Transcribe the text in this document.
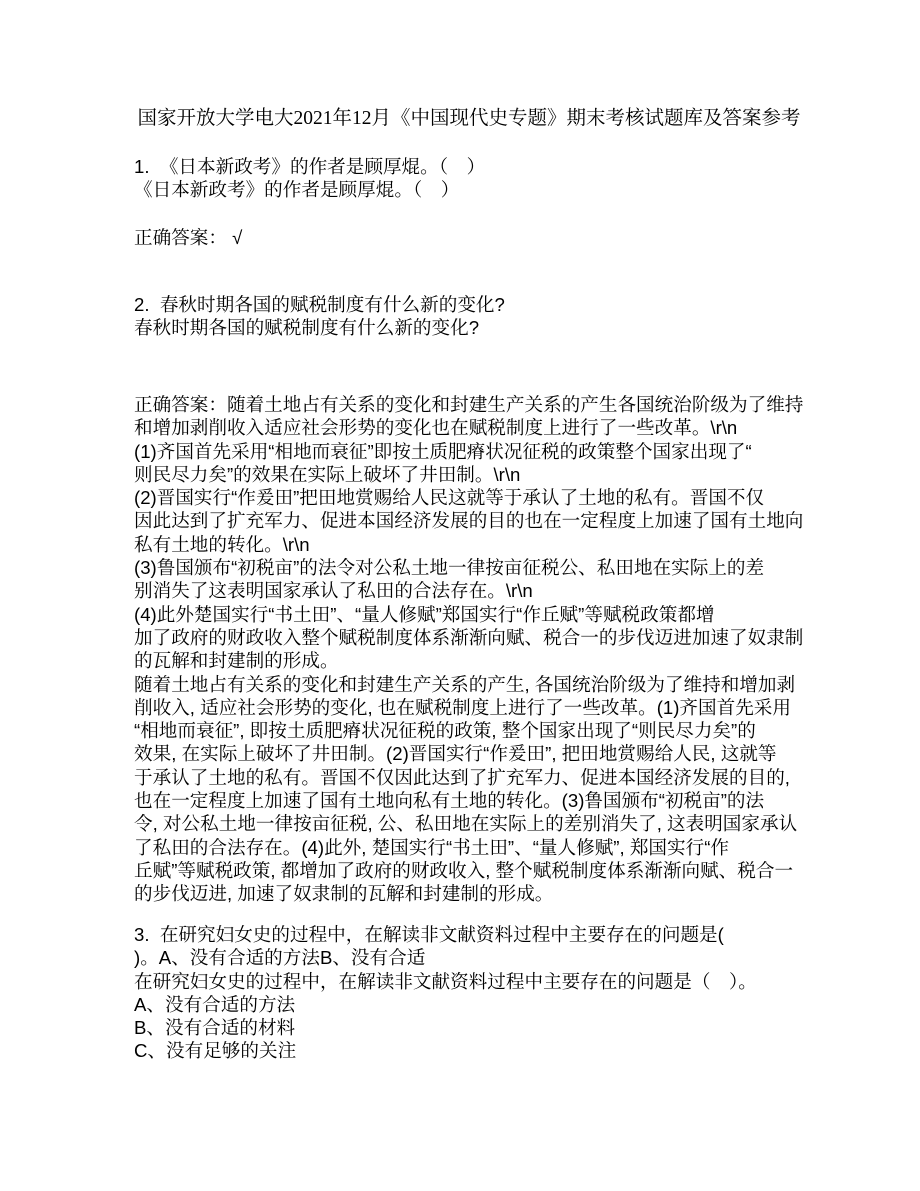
国家开放大学电大2021年12月《中国现代史专题》期末考核试题库及答案参考
1.  《日本新政考》的作者是顾厚焜。（　）
《日本新政考》的作者是顾厚焜。（　）
正确答案： √
2.  春秋时期各国的赋税制度有什么新的变化?
春秋时期各国的赋税制度有什么新的变化?
正确答案：随着土地占有关系的变化和封建生产关系的产生各国统治阶级为了维持
和增加剥削收入适应社会形势的变化也在赋税制度上进行了一些改革。\r\n
(1)齐国首先采用“相地而衰征”即按土质肥瘠状况征税的政策整个国家出现了“
则民尽力矣”的效果在实际上破坏了井田制。\r\n
(2)晋国实行“作爰田”把田地赏赐给人民这就等于承认了土地的私有。晋国不仅
因此达到了扩充军力、促进本国经济发展的目的也在一定程度上加速了国有土地向
私有土地的转化。\r\n
(3)鲁国颁布“初税亩”的法令对公私土地一律按亩征税公、私田地在实际上的差
别消失了这表明国家承认了私田的合法存在。\r\n
(4)此外楚国实行“书土田”、“量人修赋”郑国实行“作丘赋”等赋税政策都增
加了政府的财政收入整个赋税制度体系渐渐向赋、税合一的步伐迈进加速了奴隶制
的瓦解和封建制的形成。
随着土地占有关系的变化和封建生产关系的产生, 各国统治阶级为了维持和增加剥
削收入, 适应社会形势的变化, 也在赋税制度上进行了一些改革。(1)齐国首先采用
“相地而衰征”, 即按土质肥瘠状况征税的政策, 整个国家出现了“则民尽力矣”的
效果, 在实际上破坏了井田制。(2)晋国实行“作爰田”, 把田地赏赐给人民, 这就等
于承认了土地的私有。晋国不仅因此达到了扩充军力、促进本国经济发展的目的,
也在一定程度上加速了国有土地向私有土地的转化。(3)鲁国颁布“初税亩”的法
令, 对公私土地一律按亩征税, 公、私田地在实际上的差别消失了, 这表明国家承认
了私田的合法存在。(4)此外, 楚国实行“书土田”、“量人修赋”, 郑国实行“作
丘赋”等赋税政策, 都增加了政府的财政收入, 整个赋税制度体系渐渐向赋、税合一
的步伐迈进, 加速了奴隶制的瓦解和封建制的形成。
3.  在研究妇女史的过程中，在解读非文献资料过程中主要存在的问题是(
)。A、没有合适的方法B、没有合适
在研究妇女史的过程中，在解读非文献资料过程中主要存在的问题是（　）。
A、没有合适的方法
B、没有合适的材料
C、没有足够的关注
